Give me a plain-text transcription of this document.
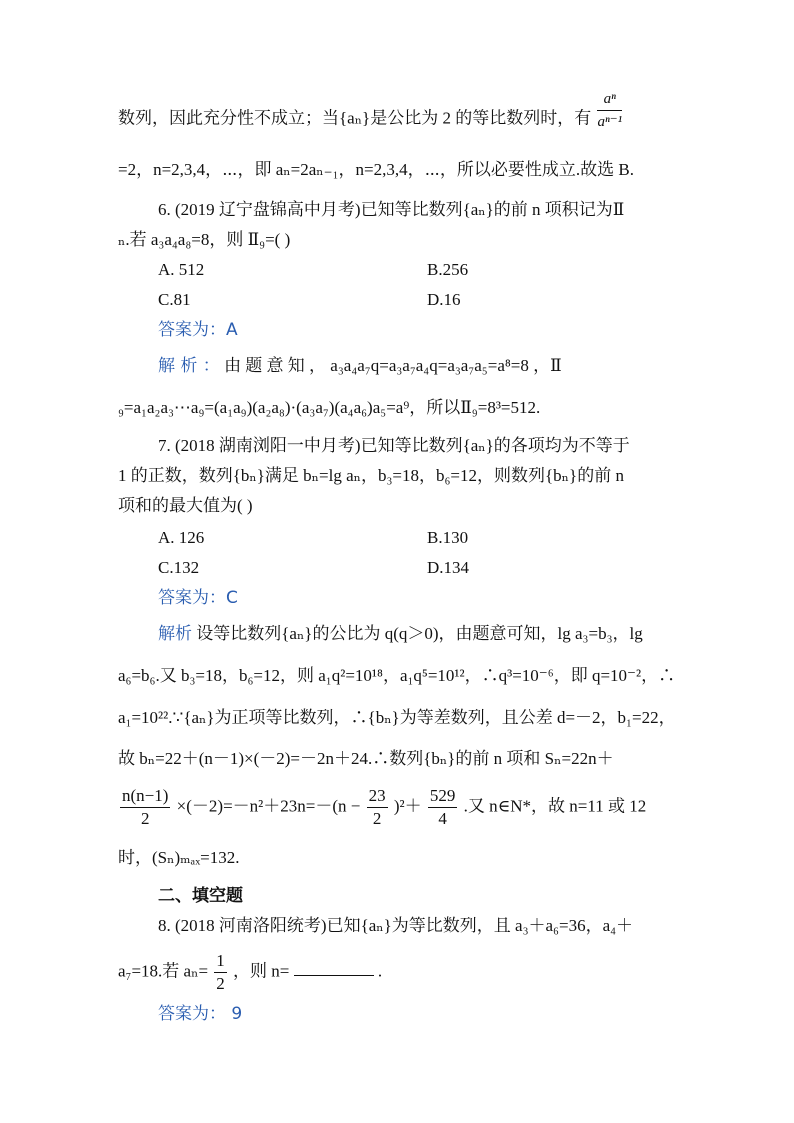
数列，因此充分性不成立；当{aₙ}是公比为 2 的等比数列时，有 $\frac{\text{aⁿ}}{\text{aⁿ⁻¹}}$
=2，n=2,3,4，⋯，即 aₙ=2aₙ₋₁，n=2,3,4，⋯，所以必要性成立.故选 B.
6. (2019 辽宁盘锦高中月考)已知等比数列{aₙ}的前 n 项积记为Ⅱ
ₙ.若 a₃a₄a₈=8，则 Ⅱ₉=( )
A. 512	B.256
C.81	D.16
答案为：A
解 析 ： 由 题 意 知 ， a₃a₄a₇q=a₃a₇a₄q=a₃a₇a₅=a⁸=8 ，Ⅱ
₉=a₁a₂a₃⋯a₉=(a₁a₉)(a₂a₈)·(a₃a₇)(a₄a₆)a₅=a⁹，所以Ⅱ₉=8³=512.
7. (2018 湖南浏阳一中月考)已知等比数列{aₙ}的各项均为不等于
1 的正数，数列{bₙ}满足 bₙ=lg aₙ，b₃=18，b₆=12，则数列{bₙ}的前 n
项和的最大值为( )
A. 126	B.130
C.132	D.134
答案为：C
解析 设等比数列{aₙ}的公比为 q(q＞0)，由题意可知，lg a₃=b₃，lg
a₆=b₆.又 b₃=18，b₆=12，则 a₁q²=10¹⁸，a₁q⁵=10¹²，∴q³=10⁻⁶，即 q=10⁻²，∴
a₁=10²².∵{aₙ}为正项等比数列，∴{bₙ}为等差数列，且公差 d=－2，b₁=22，
故 bₙ=22＋(n－1)×(－2)=－2n＋24.∴数列{bₙ}的前 n 项和 Sₙ=22n＋
$\frac{n(n-1)}{2} \times(-2)=-n^2+23n=-(n - \frac{23}{2} )^2+ \frac{529}{4}$ .又 n∈N*，故 n=11 或 12
时，(Sₙ)ₘₐₓ=132.
二、填空题
8. (2018 河南洛阳统考)已知{aₙ}为等比数列，且 a₃＋a₆=36，a₄＋
a₇=18.若 $a_n= \frac{1}{2}$ ，则 n=	.
答案为： 9
